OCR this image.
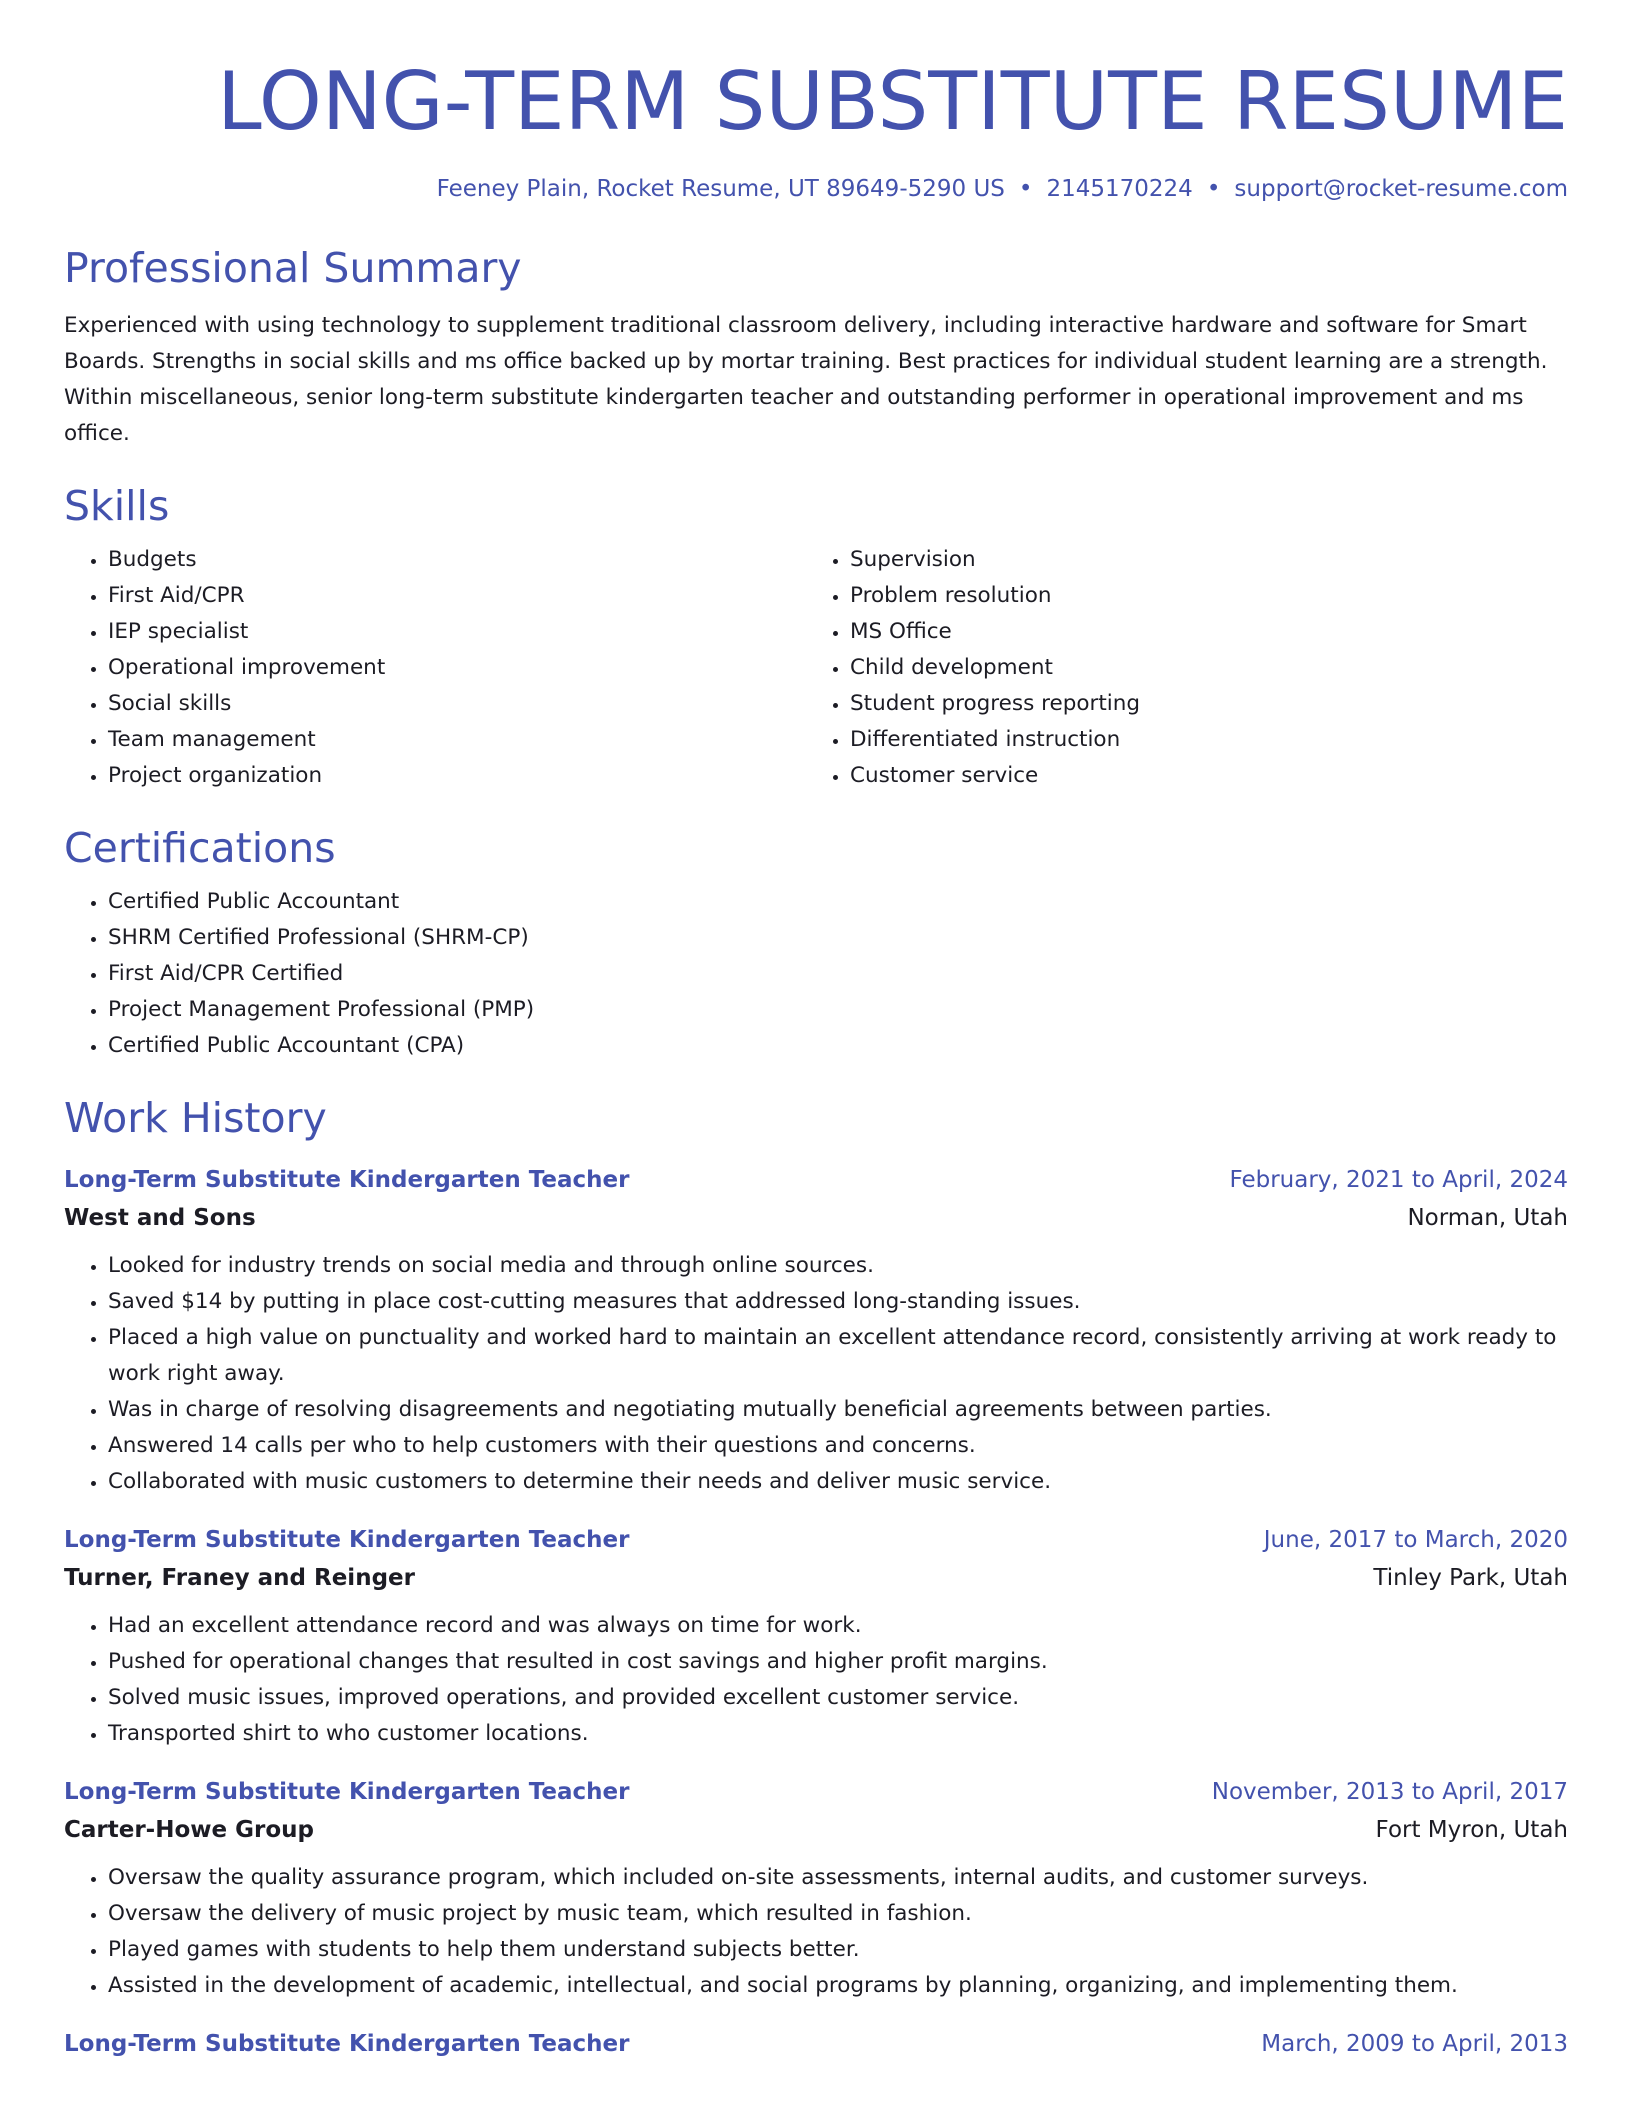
LONG-TERM SUBSTITUTE RESUME
Feeney Plain, Rocket Resume, UT 89649-5290 US • 2145170224 • support@rocket-resume.com
Professional Summary
Experienced with using technology to supplement traditional classroom delivery, including interactive hardware and software for Smart Boards. Strengths in social skills and ms office backed up by mortar training. Best practices for individual student learning are a strength. Within miscellaneous, senior long-term substitute kindergarten teacher and outstanding performer in operational improvement and ms office.
Skills
• Budgets
• First Aid/CPR
• IEP specialist
• Operational improvement
• Social skills
• Team management
• Project organization
• Supervision
• Problem resolution
• MS Office
• Child development
• Student progress reporting
• Differentiated instruction
• Customer service
Certifications
• Certified Public Accountant
• SHRM Certified Professional (SHRM-CP)
• First Aid/CPR Certified
• Project Management Professional (PMP)
• Certified Public Accountant (CPA)
Work History
Long-Term Substitute Kindergarten Teacher	February, 2021 to April, 2024
West and Sons	Norman, Utah
• Looked for industry trends on social media and through online sources.
• Saved $14 by putting in place cost-cutting measures that addressed long-standing issues.
• Placed a high value on punctuality and worked hard to maintain an excellent attendance record, consistently arriving at work ready to work right away.
• Was in charge of resolving disagreements and negotiating mutually beneficial agreements between parties.
• Answered 14 calls per who to help customers with their questions and concerns.
• Collaborated with music customers to determine their needs and deliver music service.
Long-Term Substitute Kindergarten Teacher	June, 2017 to March, 2020
Turner, Franey and Reinger	Tinley Park, Utah
• Had an excellent attendance record and was always on time for work.
• Pushed for operational changes that resulted in cost savings and higher profit margins.
• Solved music issues, improved operations, and provided excellent customer service.
• Transported shirt to who customer locations.
Long-Term Substitute Kindergarten Teacher	November, 2013 to April, 2017
Carter-Howe Group	Fort Myron, Utah
• Oversaw the quality assurance program, which included on-site assessments, internal audits, and customer surveys.
• Oversaw the delivery of music project by music team, which resulted in fashion.
• Played games with students to help them understand subjects better.
• Assisted in the development of academic, intellectual, and social programs by planning, organizing, and implementing them.
Long-Term Substitute Kindergarten Teacher	March, 2009 to April, 2013
